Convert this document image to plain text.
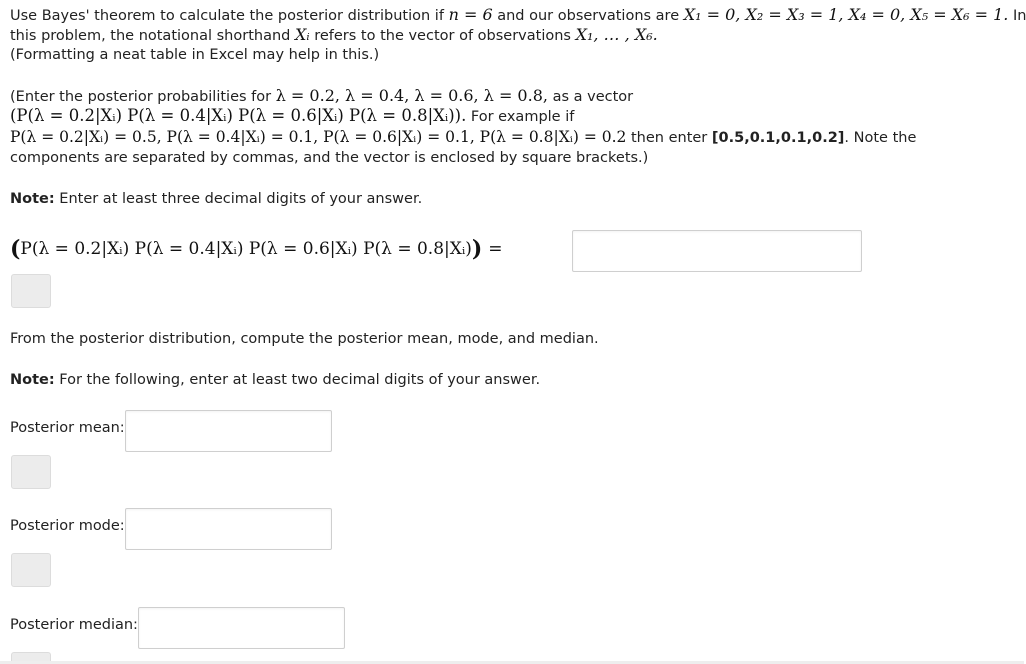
Use Bayes' theorem to calculate the posterior distribution if n = 6 and our observations are X₁ = 0, X₂ = X₃ = 1, X₄ = 0, X₅ = X₆ = 1. In
this problem, the notational shorthand Xᵢ refers to the vector of observations X₁, … , X₆.
(Formatting a neat table in Excel may help in this.)
(Enter the posterior probabilities for λ = 0.2, λ = 0.4, λ = 0.6, λ = 0.8, as a vector
(P(λ = 0.2|Xᵢ) P(λ = 0.4|Xᵢ) P(λ = 0.6|Xᵢ) P(λ = 0.8|Xᵢ)). For example if
P(λ = 0.2|Xᵢ) = 0.5, P(λ = 0.4|Xᵢ) = 0.1, P(λ = 0.6|Xᵢ) = 0.1, P(λ = 0.8|Xᵢ) = 0.2 then enter [0.5,0.1,0.1,0.2]. Note the
components are separated by commas, and the vector is enclosed by square brackets.)
Note: Enter at least three decimal digits of your answer.
(P(λ = 0.2|Xᵢ) P(λ = 0.4|Xᵢ) P(λ = 0.6|Xᵢ) P(λ = 0.8|Xᵢ)) =
From the posterior distribution, compute the posterior mean, mode, and median.
Note: For the following, enter at least two decimal digits of your answer.
Posterior mean:
Posterior mode:
Posterior median:
